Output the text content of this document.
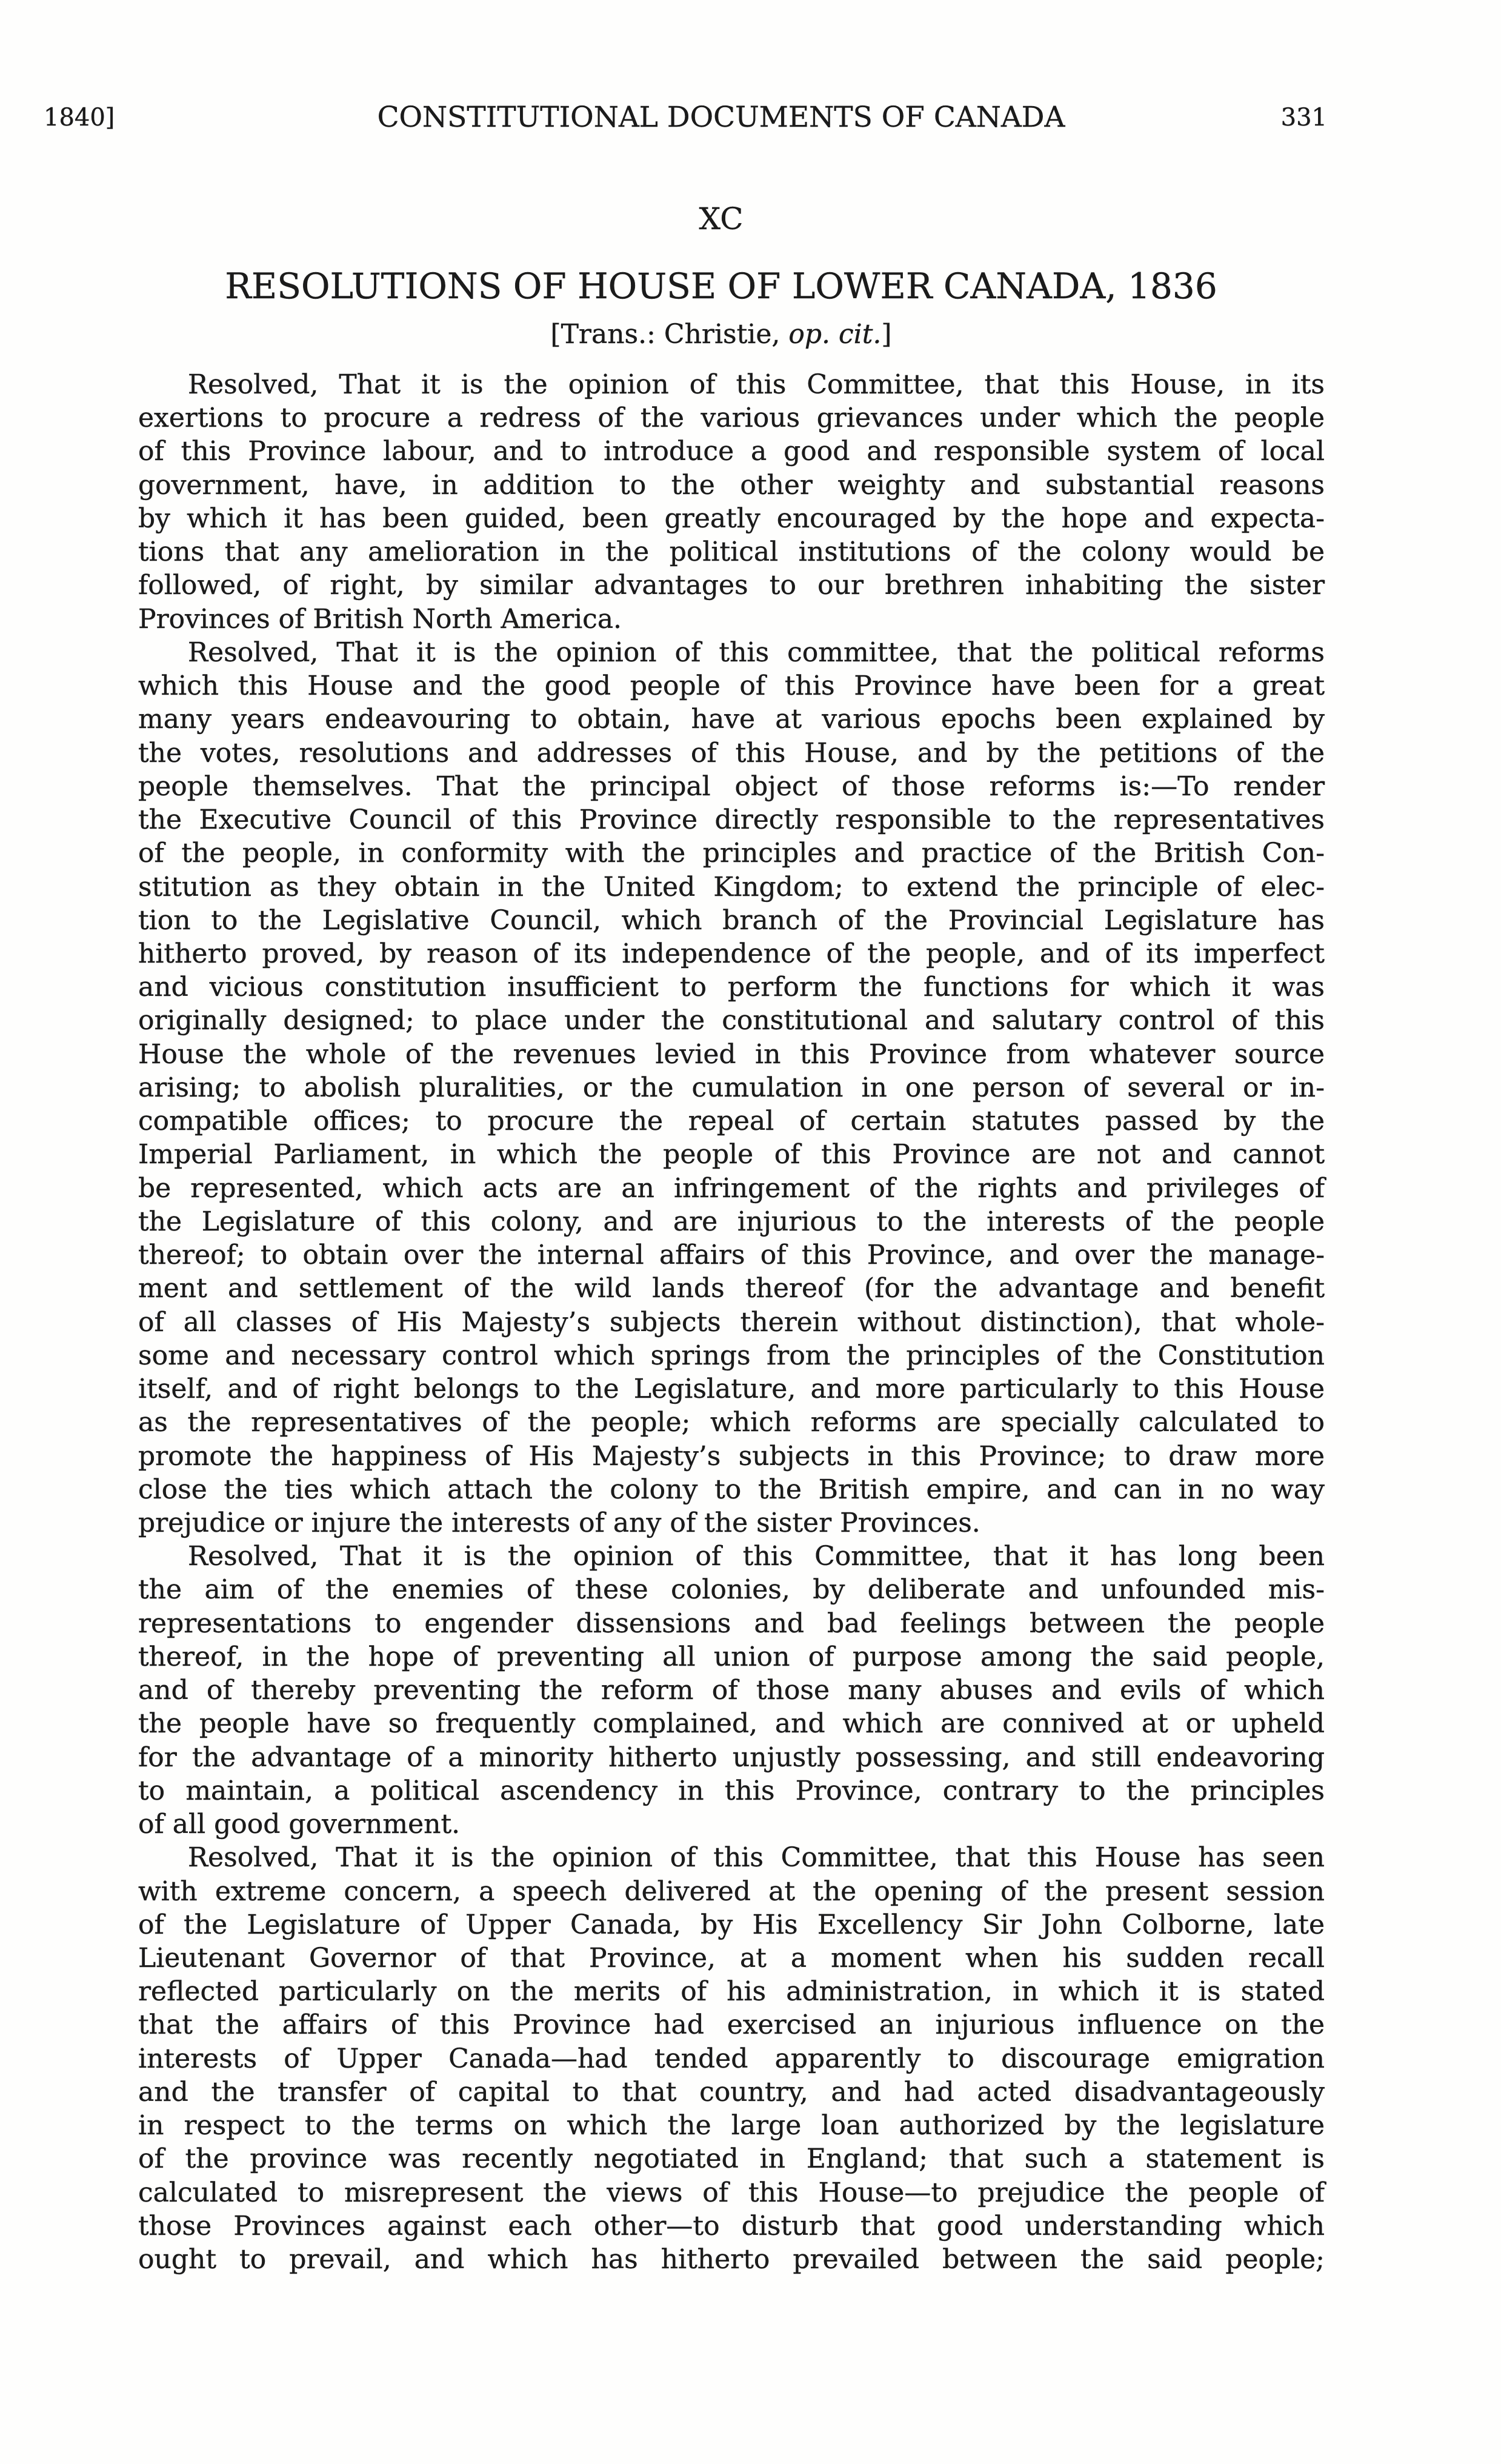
1840]	CONSTITUTIONAL DOCUMENTS OF CANADA	331
XC
RESOLUTIONS OF HOUSE OF LOWER CANADA, 1836
[Trans.: Christie, op. cit.]
Resolved, That it is the opinion of this Committee, that this House, in its
exertions to procure a redress of the various grievances under which the people
of this Province labour, and to introduce a good and responsible system of local
government, have, in addition to the other weighty and substantial reasons
by which it has been guided, been greatly encouraged by the hope and expecta-
tions that any amelioration in the political institutions of the colony would be
followed, of right, by similar advantages to our brethren inhabiting the sister
Provinces of British North America.
Resolved, That it is the opinion of this committee, that the political reforms
which this House and the good people of this Province have been for a great
many years endeavouring to obtain, have at various epochs been explained by
the votes, resolutions and addresses of this House, and by the petitions of the
people themselves. That the principal object of those reforms is:—To render
the Executive Council of this Province directly responsible to the representatives
of the people, in conformity with the principles and practice of the British Con-
stitution as they obtain in the United Kingdom; to extend the principle of elec-
tion to the Legislative Council, which branch of the Provincial Legislature has
hitherto proved, by reason of its independence of the people, and of its imperfect
and vicious constitution insufficient to perform the functions for which it was
originally designed; to place under the constitutional and salutary control of this
House the whole of the revenues levied in this Province from whatever source
arising; to abolish pluralities, or the cumulation in one person of several or in-
compatible offices; to procure the repeal of certain statutes passed by the
Imperial Parliament, in which the people of this Province are not and cannot
be represented, which acts are an infringement of the rights and privileges of
the Legislature of this colony, and are injurious to the interests of the people
thereof; to obtain over the internal affairs of this Province, and over the manage-
ment and settlement of the wild lands thereof (for the advantage and benefit
of all classes of His Majesty’s subjects therein without distinction), that whole-
some and necessary control which springs from the principles of the Constitution
itself, and of right belongs to the Legislature, and more particularly to this House
as the representatives of the people; which reforms are specially calculated to
promote the happiness of His Majesty’s subjects in this Province; to draw more
close the ties which attach the colony to the British empire, and can in no way
prejudice or injure the interests of any of the sister Provinces.
Resolved, That it is the opinion of this Committee, that it has long been
the aim of the enemies of these colonies, by deliberate and unfounded mis-
representations to engender dissensions and bad feelings between the people
thereof, in the hope of preventing all union of purpose among the said people,
and of thereby preventing the reform of those many abuses and evils of which
the people have so frequently complained, and which are connived at or upheld
for the advantage of a minority hitherto unjustly possessing, and still endeavoring
to maintain, a political ascendency in this Province, contrary to the principles
of all good government.
Resolved, That it is the opinion of this Committee, that this House has seen
with extreme concern, a speech delivered at the opening of the present session
of the Legislature of Upper Canada, by His Excellency Sir John Colborne, late
Lieutenant Governor of that Province, at a moment when his sudden recall
reflected particularly on the merits of his administration, in which it is stated
that the affairs of this Province had exercised an injurious influence on the
interests of Upper Canada—had tended apparently to discourage emigration
and the transfer of capital to that country, and had acted disadvantageously
in respect to the terms on which the large loan authorized by the legislature
of the province was recently negotiated in England; that such a statement is
calculated to misrepresent the views of this House—to prejudice the people of
those Provinces against each other—to disturb that good understanding which
ought to prevail, and which has hitherto prevailed between the said people;
